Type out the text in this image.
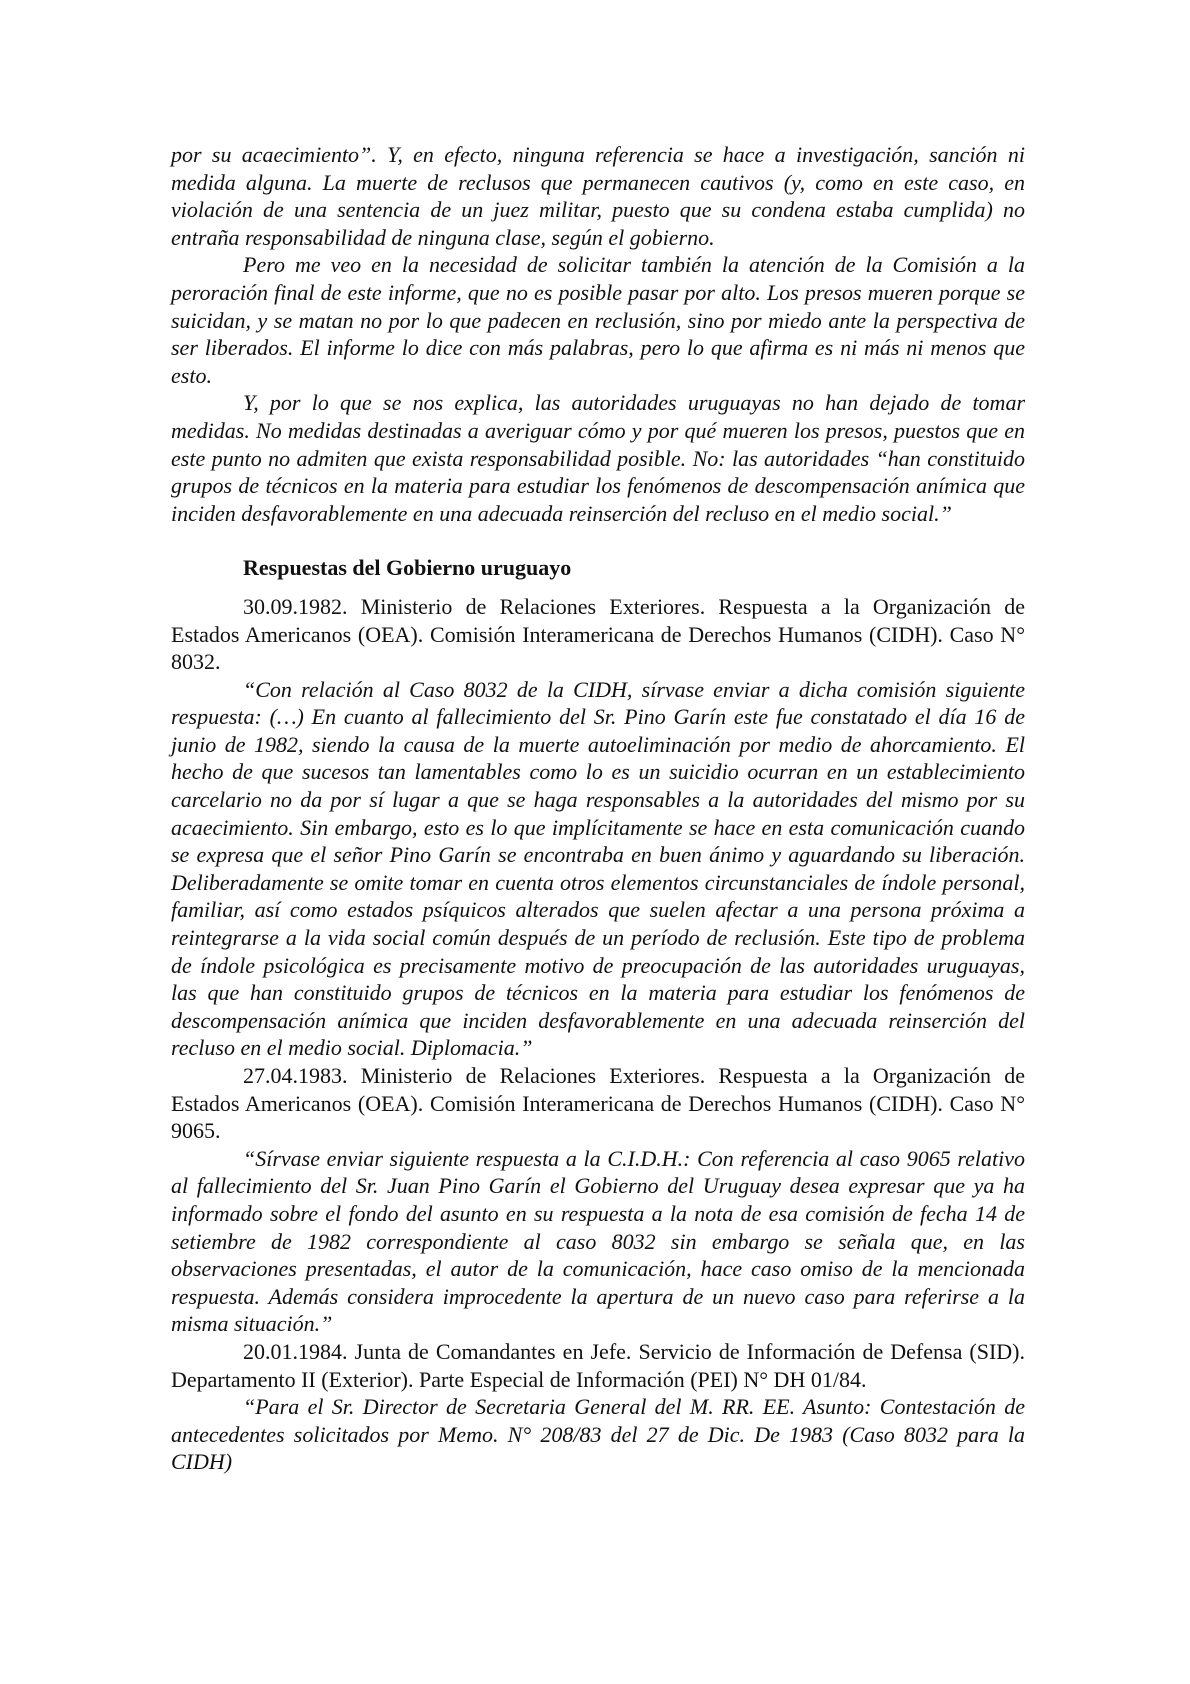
por su acaecimiento”. Y, en efecto, ninguna referencia se hace a investigación, sanción ni medida alguna. La muerte de reclusos que permanecen cautivos (y, como en este caso, en violación de una sentencia de un juez militar, puesto que su condena estaba cumplida) no entraña responsabilidad de ninguna clase, según el gobierno.

Pero me veo en la necesidad de solicitar también la atención de la Comisión a la peroración final de este informe, que no es posible pasar por alto. Los presos mueren porque se suicidan, y se matan no por lo que padecen en reclusión, sino por miedo ante la perspectiva de ser liberados. El informe lo dice con más palabras, pero lo que afirma es ni más ni menos que esto.

Y, por lo que se nos explica, las autoridades uruguayas no han dejado de tomar medidas. No medidas destinadas a averiguar cómo y por qué mueren los presos, puestos que en este punto no admiten que exista responsabilidad posible. No: las autoridades “han constituido grupos de técnicos en la materia para estudiar los fenómenos de descompensación anímica que inciden desfavorablemente en una adecuada reinserción del recluso en el medio social.”

Respuestas del Gobierno uruguayo

30.09.1982. Ministerio de Relaciones Exteriores. Respuesta a la Organización de Estados Americanos (OEA). Comisión Interamericana de Derechos Humanos (CIDH). Caso N° 8032.

“Con relación al Caso 8032 de la CIDH, sírvase enviar a dicha comisión siguiente respuesta: (…) En cuanto al fallecimiento del Sr. Pino Garín este fue constatado el día 16 de junio de 1982, siendo la causa de la muerte autoeliminación por medio de ahorcamiento. El hecho de que sucesos tan lamentables como lo es un suicidio ocurran en un establecimiento carcelario no da por sí lugar a que se haga responsables a la autoridades del mismo por su acaecimiento. Sin embargo, esto es lo que implícitamente se hace en esta comunicación cuando se expresa que el señor Pino Garín se encontraba en buen ánimo y aguardando su liberación. Deliberadamente se omite tomar en cuenta otros elementos circunstanciales de índole personal, familiar, así como estados psíquicos alterados que suelen afectar a una persona próxima a reintegrarse a la vida social común después de un período de reclusión. Este tipo de problema de índole psicológica es precisamente motivo de preocupación de las autoridades uruguayas, las que han constituido grupos de técnicos en la materia para estudiar los fenómenos de descompensación anímica que inciden desfavorablemente en una adecuada reinserción del recluso en el medio social. Diplomacia.”

27.04.1983. Ministerio de Relaciones Exteriores. Respuesta a la Organización de Estados Americanos (OEA). Comisión Interamericana de Derechos Humanos (CIDH). Caso N° 9065.

“Sírvase enviar siguiente respuesta a la C.I.D.H.: Con referencia al caso 9065 relativo al fallecimiento del Sr. Juan Pino Garín el Gobierno del Uruguay desea expresar que ya ha informado sobre el fondo del asunto en su respuesta a la nota de esa comisión de fecha 14 de setiembre de 1982 correspondiente al caso 8032 sin embargo se señala que, en las observaciones presentadas, el autor de la comunicación, hace caso omiso de la mencionada respuesta. Además considera improcedente la apertura de un nuevo caso para referirse a la misma situación.”

20.01.1984. Junta de Comandantes en Jefe. Servicio de Información de Defensa (SID). Departamento II (Exterior). Parte Especial de Información (PEI) N° DH 01/84.

“Para el Sr. Director de Secretaria General del M. RR. EE. Asunto: Contestación de antecedentes solicitados por Memo. N° 208/83 del 27 de Dic. De 1983 (Caso 8032 para la CIDH)
